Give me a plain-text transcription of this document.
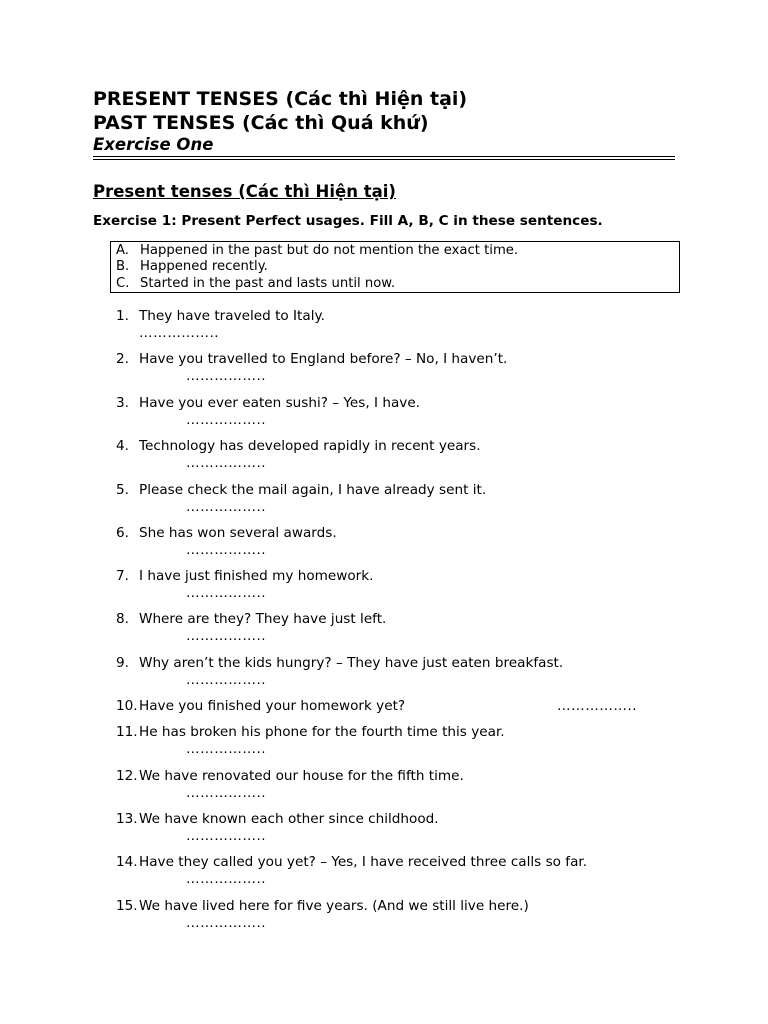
PRESENT TENSES (Các thì Hiện tại)
PAST TENSES (Các thì Quá khứ)
Exercise One
Present tenses (Các thì Hiện tại)
Exercise 1: Present Perfect usages. Fill A, B, C in these sentences.
A. Happened in the past but do not mention the exact time.
B. Happened recently.
C. Started in the past and lasts until now.
1. They have traveled to Italy.
……………..
2. Have you travelled to England before? – No, I haven’t.
……………..
3. Have you ever eaten sushi? – Yes, I have.
……………..
4. Technology has developed rapidly in recent years.
……………..
5. Please check the mail again, I have already sent it.
……………..
6. She has won several awards.
……………..
7. I have just finished my homework.
……………..
8. Where are they? They have just left.
……………..
9. Why aren’t the kids hungry? – They have just eaten breakfast.
……………..
10. Have you finished your homework yet?	……………..
11. He has broken his phone for the fourth time this year.
……………..
12. We have renovated our house for the fifth time.
……………..
13. We have known each other since childhood.
……………..
14. Have they called you yet? – Yes, I have received three calls so far.
……………..
15. We have lived here for five years. (And we still live here.)
……………..
